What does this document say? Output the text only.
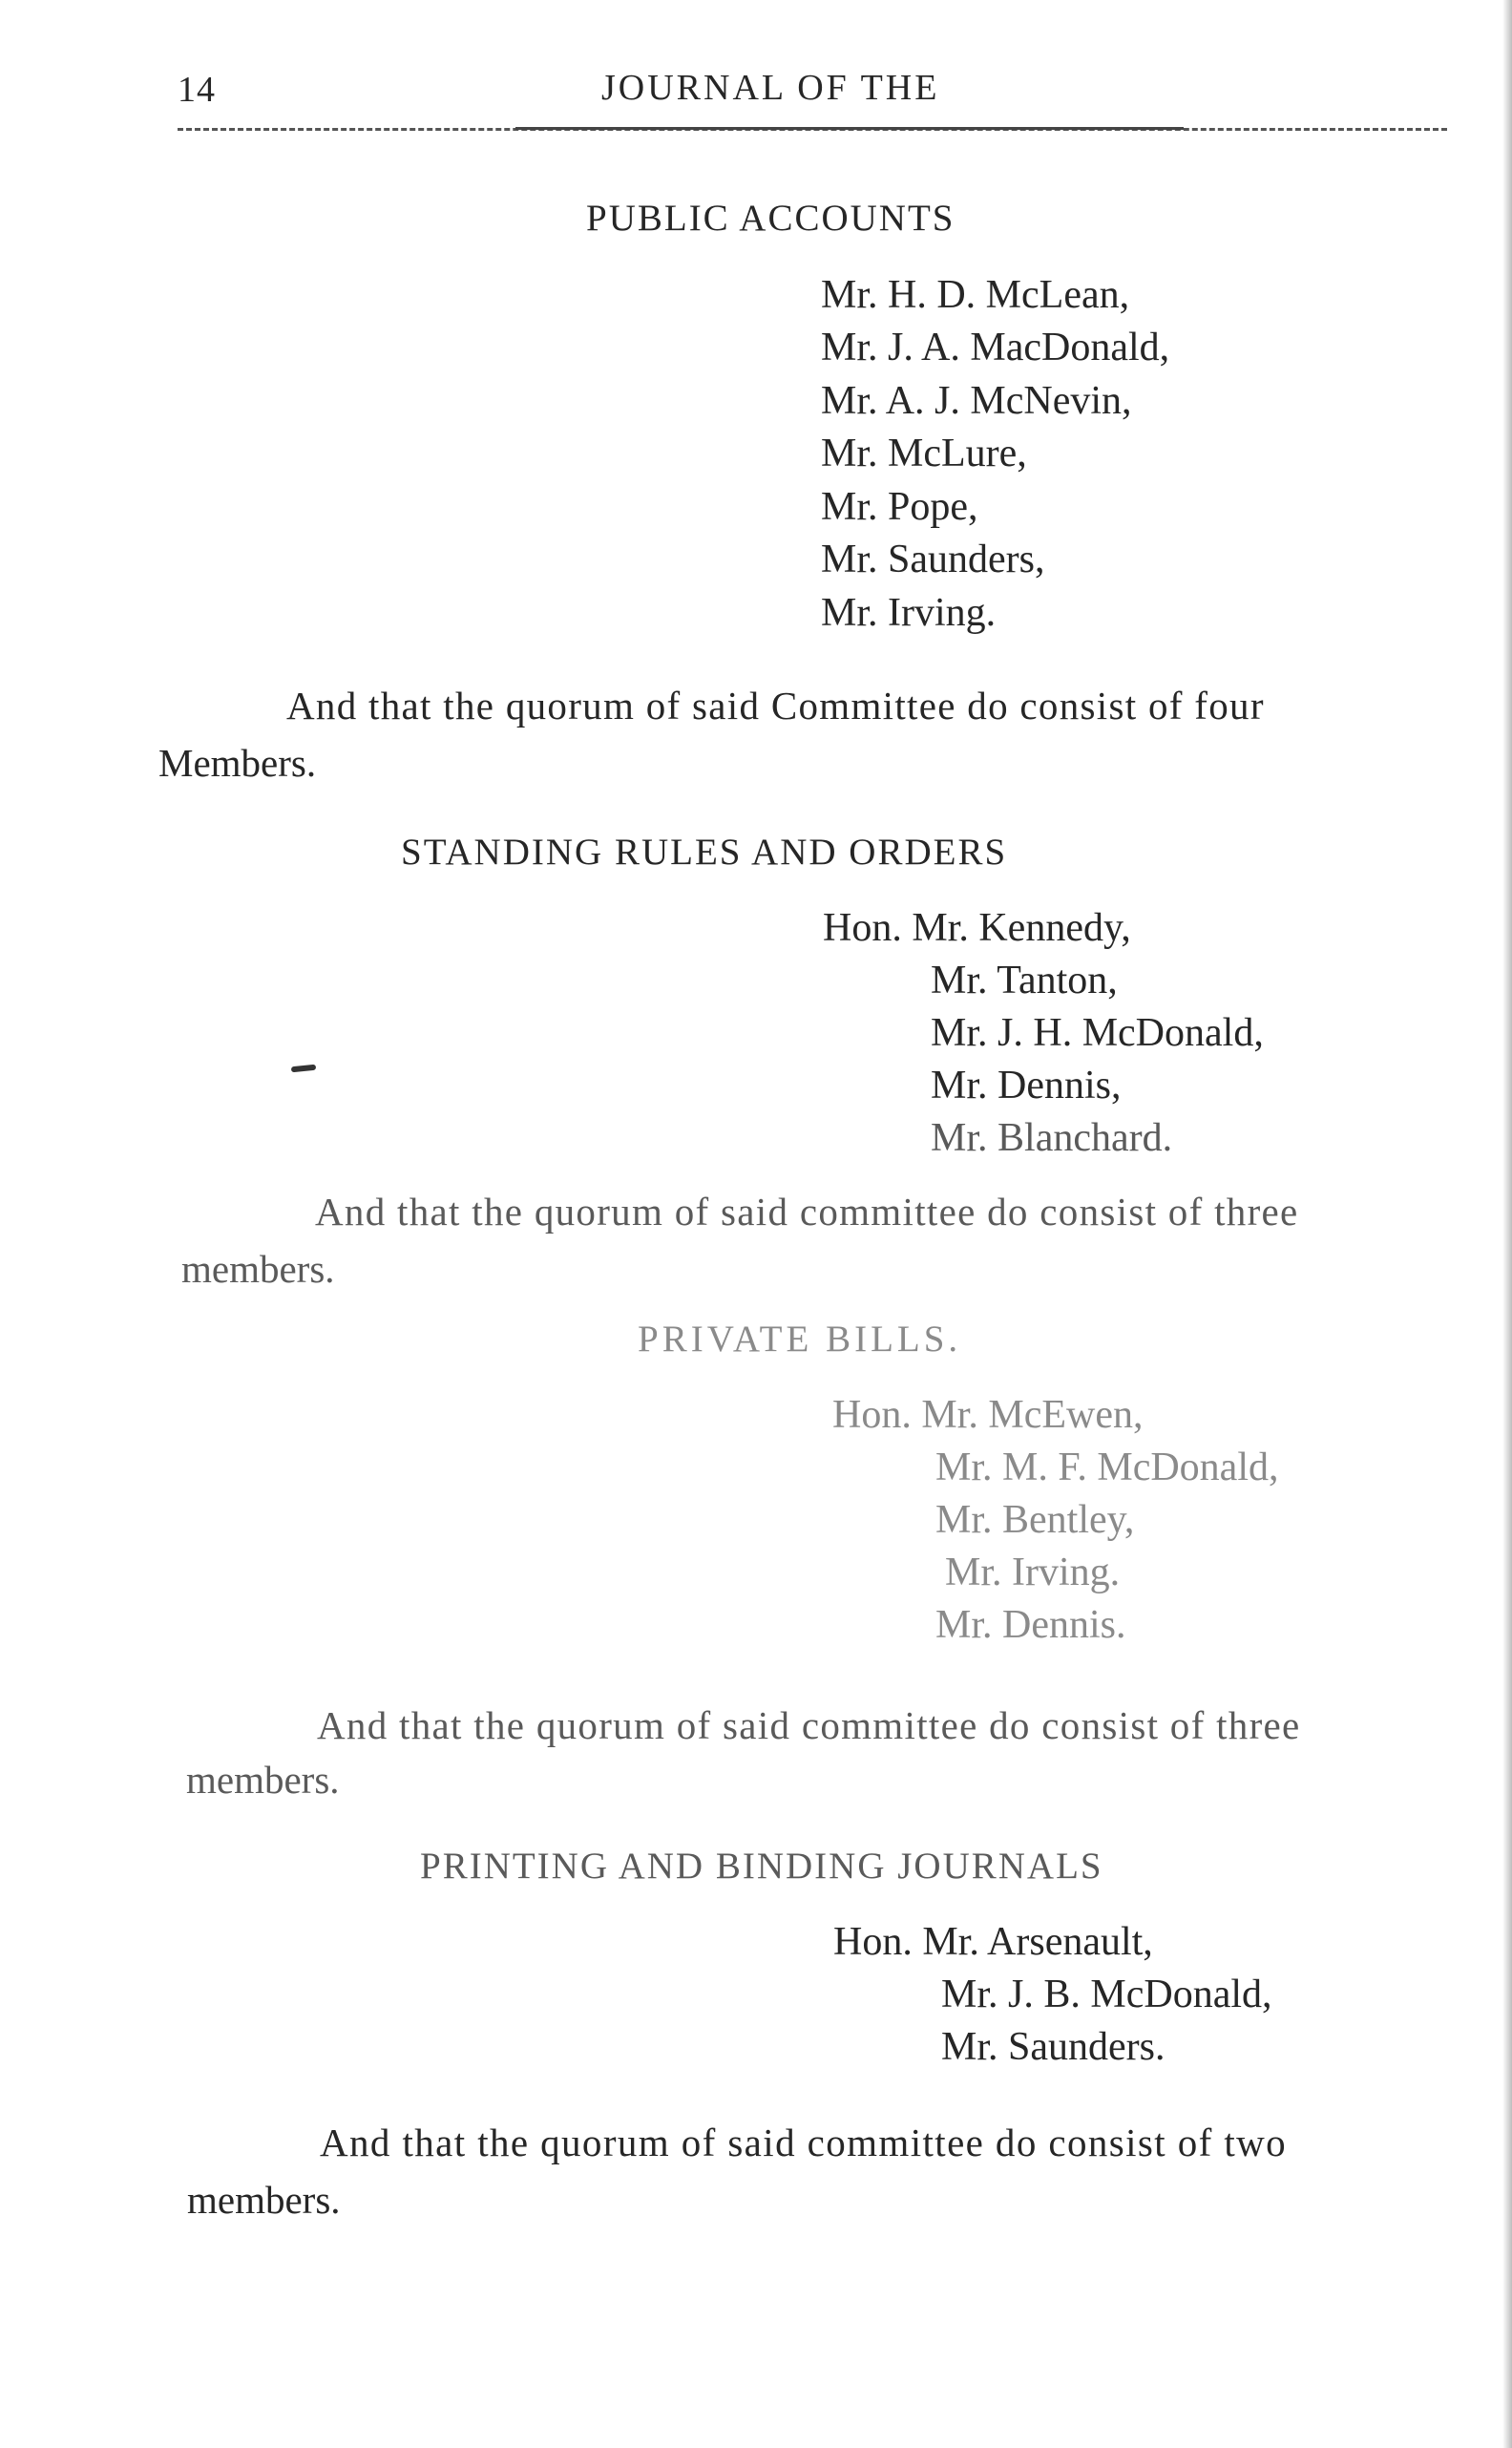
14	JOURNAL OF THE
PUBLIC ACCOUNTS
Mr. H. D. McLean,
Mr. J. A. MacDonald,
Mr. A. J. McNevin,
Mr. McLure,
Mr. Pope,
Mr. Saunders,
Mr. Irving.
And that the quorum of said Committee do consist of four
Members.
STANDING RULES AND ORDERS
Hon. Mr. Kennedy,
Mr. Tanton,
Mr. J. H. McDonald,
Mr. Dennis,
Mr. Blanchard.
And that the quorum of said committee do consist of three
members.
PRIVATE BILLS.
Hon. Mr. McEwen,
Mr. M. F. McDonald,
Mr. Bentley,
Mr. Irving.
Mr. Dennis.
And that the quorum of said committee do consist of three
members.
PRINTING AND BINDING JOURNALS
Hon. Mr. Arsenault,
Mr. J. B. McDonald,
Mr. Saunders.
And that the quorum of said committee do consist of two
members.
